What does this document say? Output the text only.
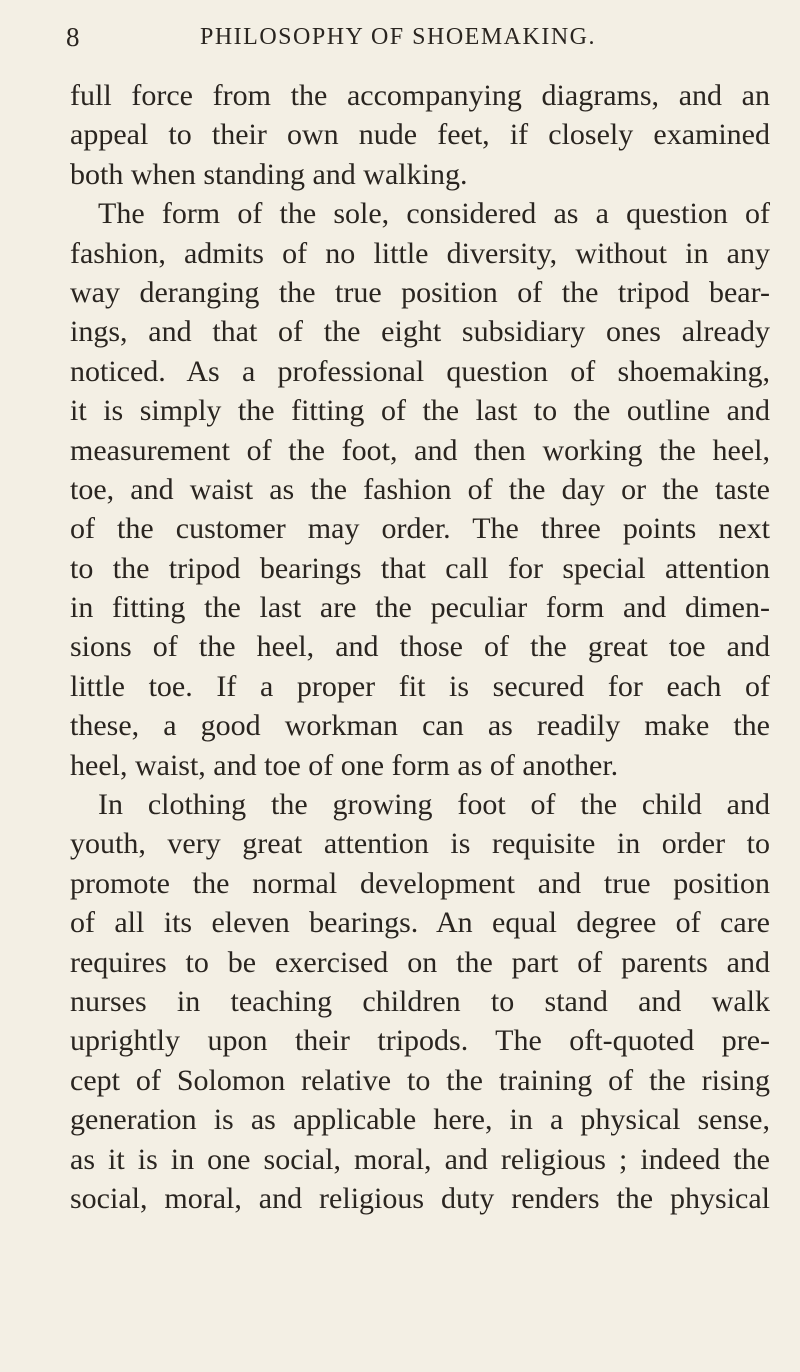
8	PHILOSOPHY OF SHOEMAKING.
full force from the accompanying diagrams, and an
appeal to their own nude feet, if closely examined
both when standing and walking.
The form of the sole, considered as a question of
fashion, admits of no little diversity, without in any
way deranging the true position of the tripod bear-
ings, and that of the eight subsidiary ones already
noticed. As a professional question of shoemaking,
it is simply the fitting of the last to the outline and
measurement of the foot, and then working the heel,
toe, and waist as the fashion of the day or the taste
of the customer may order. The three points next
to the tripod bearings that call for special attention
in fitting the last are the peculiar form and dimen-
sions of the heel, and those of the great toe and
little toe. If a proper fit is secured for each of
these, a good workman can as readily make the
heel, waist, and toe of one form as of another.
In clothing the growing foot of the child and
youth, very great attention is requisite in order to
promote the normal development and true position
of all its eleven bearings. An equal degree of care
requires to be exercised on the part of parents and
nurses in teaching children to stand and walk
uprightly upon their tripods. The oft-quoted pre-
cept of Solomon relative to the training of the rising
generation is as applicable here, in a physical sense,
as it is in one social, moral, and religious ; indeed the
social, moral, and religious duty renders the physical
